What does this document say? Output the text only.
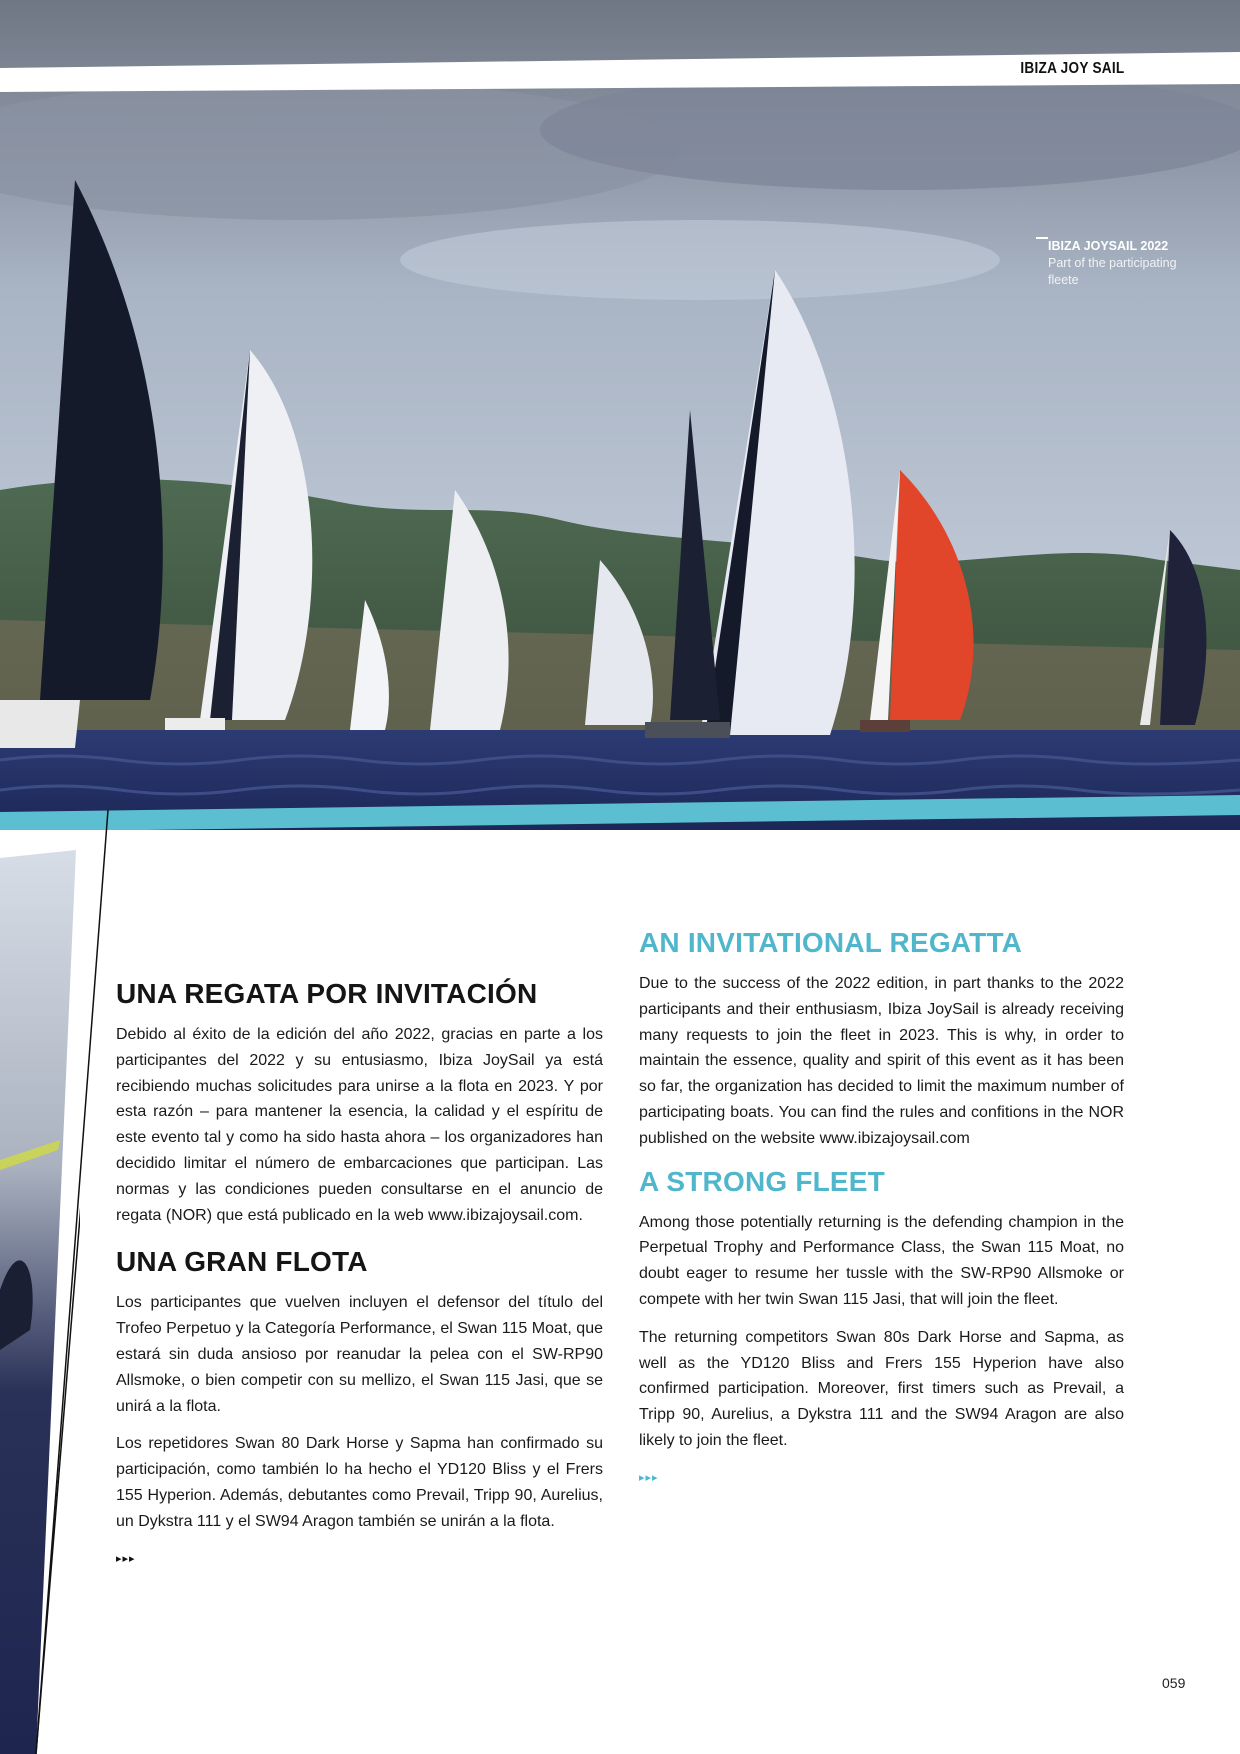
IBIZA JOY SAIL
IBIZA JOYSAIL 2022
Part of the participating fleete
UNA REGATA POR INVITACIÓN

Debido al éxito de la edición del año 2022, gracias en parte a los participantes del 2022 y su entusiasmo, Ibiza JoySail ya está recibiendo muchas solicitudes para unirse a la flota en 2023. Y por esta razón – para mantener la esencia, la calidad y el espíritu de este evento tal y como ha sido hasta ahora – los organizadores han decidido limitar el número de embarcaciones que participan. Las normas y las condiciones pueden consultarse en el anuncio de regata (NOR) que está publicado en la web www.ibizajoysail.com.

UNA GRAN FLOTA

Los participantes que vuelven incluyen el defensor del título del Trofeo Perpetuo y la Categoría Performance, el Swan 115 Moat, que estará sin duda ansioso por reanudar la pelea con el SW-RP90 Allsmoke, o bien competir con su mellizo, el Swan 115 Jasi, que se unirá a la flota.

Los repetidores Swan 80 Dark Horse y Sapma han confirmado su participación, como también lo ha hecho el YD120 Bliss y el Frers 155 Hyperion. Además, debutantes como Prevail, Tripp 90, Aurelius, un Dykstra 111 y el SW94 Aragon también se unirán a la flota.

▸▸▸
AN INVITATIONAL REGATTA

Due to the success of the 2022 edition, in part thanks to the 2022 participants and their enthusiasm, Ibiza JoySail is already receiving many requests to join the fleet in 2023. This is why, in order to maintain the essence, quality and spirit of this event as it has been so far, the organization has decided to limit the maximum number of participating boats. You can find the rules and confitions in the NOR published on the website www.ibizajoysail.com

A STRONG FLEET

Among those potentially returning is the defending champion in the Perpetual Trophy and Performance Class, the Swan 115 Moat, no doubt eager to resume her tussle with the SW-RP90 Allsmoke or compete with her twin Swan 115 Jasi, that will join the fleet.

The returning competitors Swan 80s Dark Horse and Sapma, as well as the YD120 Bliss and Frers 155 Hyperion have also confirmed participation. Moreover, first timers such as Prevail, a Tripp 90, Aurelius, a Dykstra 111 and the SW94 Aragon are also likely to join the fleet.

▸▸▸
059
